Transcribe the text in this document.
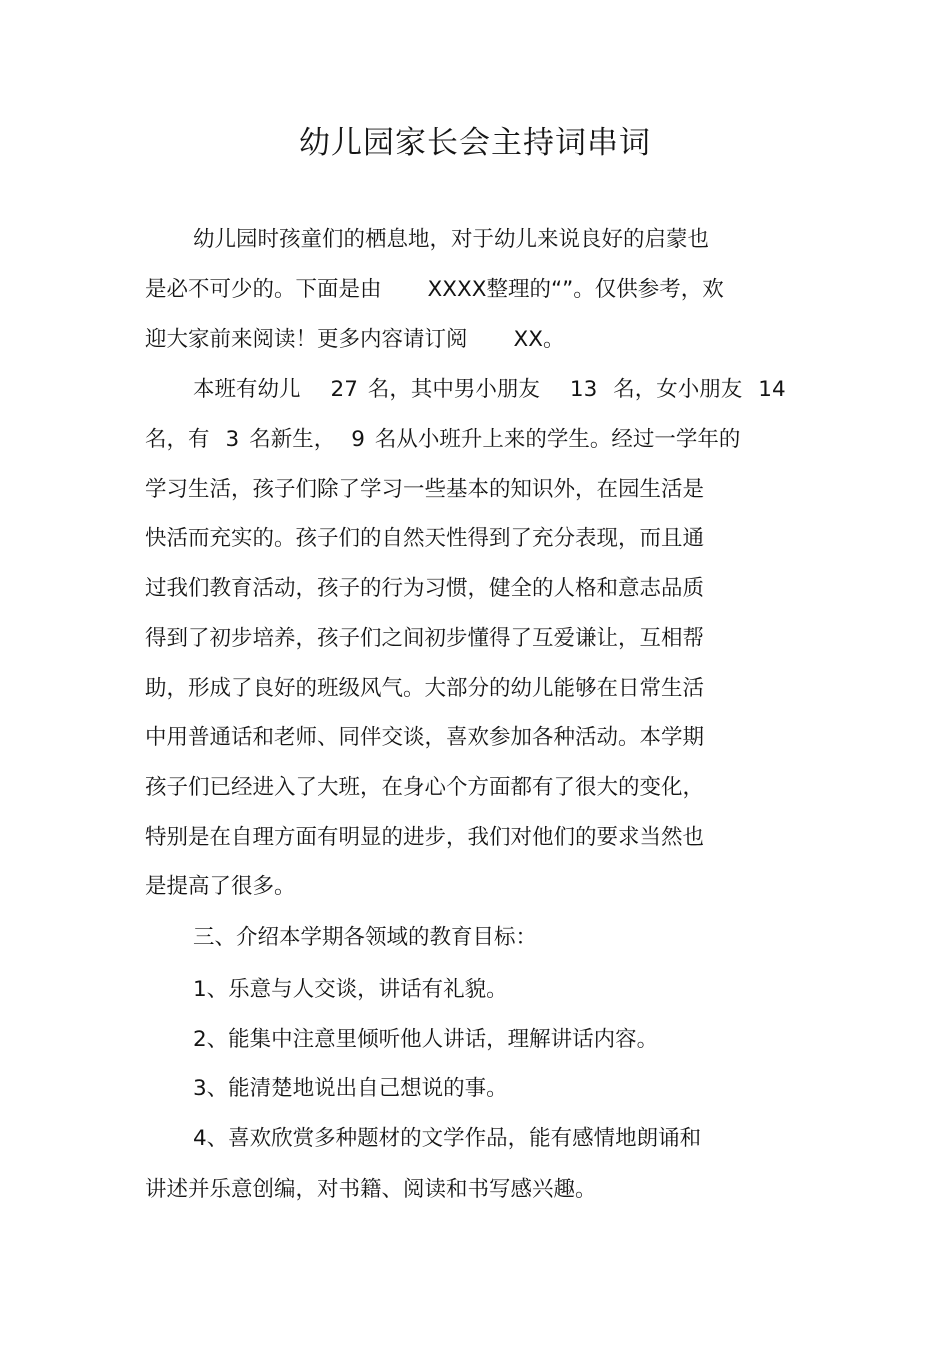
幼儿园家长会主持词串词

幼儿园时孩童们的栖息地，对于幼儿来说良好的启蒙也

是必不可少的。下面是由 XXXX整理的“”。仅供参考，欢

迎大家前来阅读！更多内容请订阅 XX。

本班有幼儿 27 名，其中男小朋友 13 名，女小朋友 14

名，有 3 名新生， 9 名从小班升上来的学生。经过一学年的

学习生活，孩子们除了学习一些基本的知识外，在园生活是

快活而充实的。孩子们的自然天性得到了充分表现，而且通

过我们教育活动，孩子的行为习惯，健全的人格和意志品质

得到了初步培养，孩子们之间初步懂得了互爱谦让，互相帮

助，形成了良好的班级风气。大部分的幼儿能够在日常生活

中用普通话和老师、同伴交谈，喜欢参加各种活动。本学期

孩子们已经进入了大班，在身心个方面都有了很大的变化，

特别是在自理方面有明显的进步，我们对他们的要求当然也

是提高了很多。

三、介绍本学期各领域的教育目标：

1、乐意与人交谈，讲话有礼貌。

2、能集中注意里倾听他人讲话，理解讲话内容。

3、能清楚地说出自己想说的事。

4、喜欢欣赏多种题材的文学作品，能有感情地朗诵和

讲述并乐意创编，对书籍、阅读和书写感兴趣。
